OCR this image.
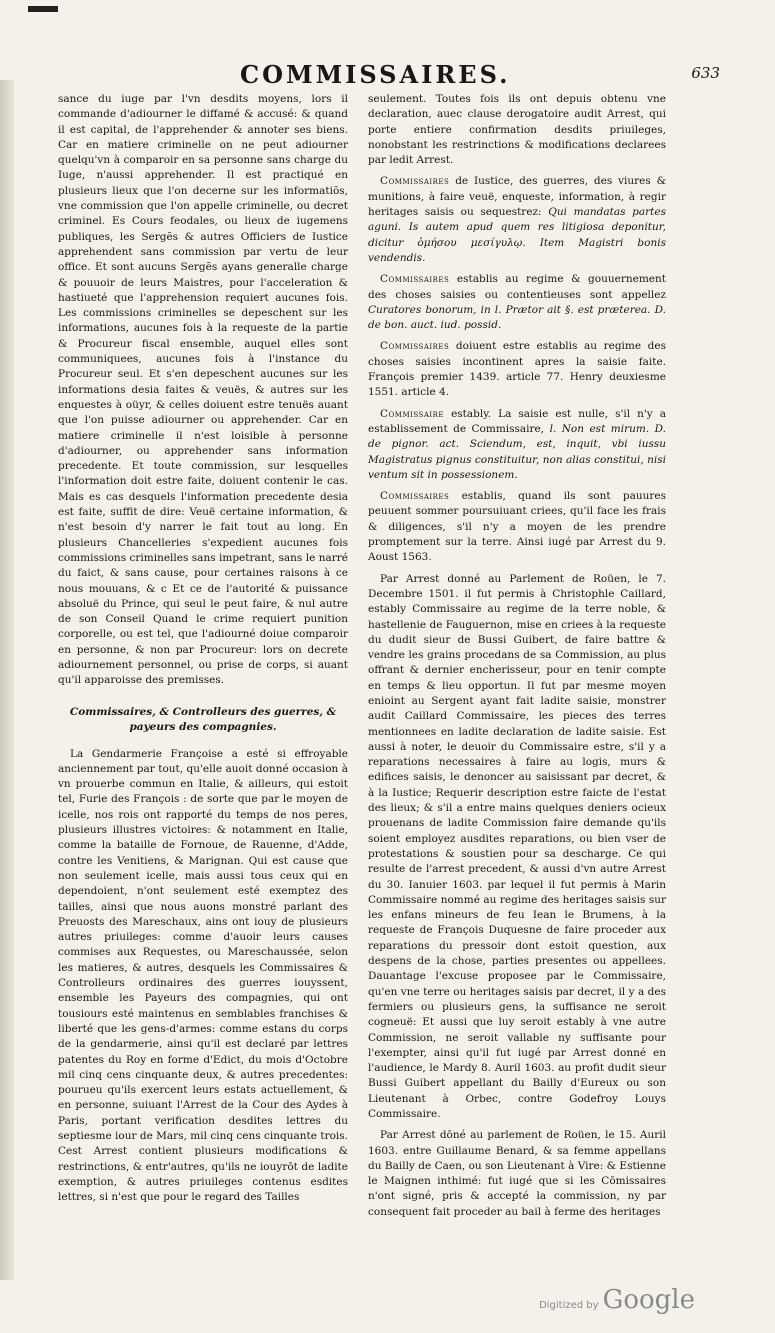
COMMISSAIRES.	633

sance du iuge par l'vn desdits moyens, lors il commande d'adiourner le diffamé & accusé: & quand il est capital, de l'apprehender & annoter ses biens. Car en matiere criminelle on ne peut adiourner quelqu'vn à comparoir en sa personne sans charge du Iuge, n'aussi apprehender. Il est practiqué en plusieurs lieux que l'on decerne sur les informatiõs, vne commission que l'on appelle criminelle, ou decret criminel. Es Cours feodales, ou lieux de iugemens publiques, les Sergẽs & autres Officiers de Iustice apprehendent sans commission par vertu de leur office. Et sont aucuns Sergẽs ayans generalle charge & pouuoir de leurs Maistres, pour l'acceleration & hastiueté que l'apprehension requiert aucunes fois. Les commissions criminelles se depeschent sur les informations, aucunes fois à la requeste de la partie & Procureur fiscal ensemble, auquel elles sont communiquees, aucunes fois à l'instance du Procureur seul. Et s'en depeschent aucunes sur les informations desia faites & veuës, & autres sur les enquestes à oüyr, & celles doiuent estre tenuës auant que l'on puisse adiourner ou apprehender. Car en matiere criminelle il n'est loisible à personne d'adiourner, ou apprehender sans information precedente. Et toute commission, sur lesquelles l'information doit estre faite, doiuent contenir le cas. Mais es cas desquels l'information precedente desia est faite, suffit de dire: Veuë certaine information, & n'est besoin d'y narrer le fait tout au long. En plusieurs Chancelleries s'expedient aucunes fois commissions criminelles sans impetrant, sans le narré du faict, & sans cause, pour certaines raisons à ce nous mouuans, & c Et ce de l'autorité & puissance absoluë du Prince, qui seul le peut faire, & nul autre de son Conseil Quand le crime requiert punition corporelle, ou est tel, que l'adiourné doiue comparoir en personne, & non par Procureur: lors on decrete adiournement personnel, ou prise de corps, si auant qu'il apparoisse des premisses.

Commissaires, & Controlleurs des guerres, & payeurs des compagnies.

La Gendarmerie Françoise a esté si effroyable anciennement par tout, qu'elle auoit donné occasion à vn prouerbe commun en Italie, & ailleurs, qui estoit tel, Furie des François : de sorte que par le moyen de icelle, nos rois ont rapporté du temps de nos peres, plusieurs illustres victoires: & notamment en Italie, comme la bataille de Fornoue, de Rauenne, d'Adde, contre les Venitiens, & Marignan. Qui est cause que non seulement icelle, mais aussi tous ceux qui en dependoient, n'ont seulement esté exemptez des tailles, ainsi que nous auons monstré parlant des Preuosts des Mareschaux, ains ont iouy de plusieurs autres priuileges: comme d'auoir leurs causes commises aux Requestes, ou Mareschaussée, selon les matieres, & autres, desquels les Commissaires & Controlleurs ordinaires des guerres iouyssent, ensemble les Payeurs des compagnies, qui ont tousiours esté maintenus en semblables franchises & liberté que les gens-d'armes: comme estans du corps de la gendarmerie, ainsi qu'il est declaré par lettres patentes du Roy en forme d'Edict, du mois d'Octobre mil cinq cens cinquante deux, & autres precedentes: pourueu qu'ils exercent leurs estats actuellement, & en personne, suiuant l'Arrest de la Cour des Aydes à Paris, portant verification desdites lettres du septiesme iour de Mars, mil cinq cens cinquante trois. Cest Arrest contient plusieurs modifications & restrinctions, & entr'autres, qu'ils ne iouyrōt de ladite exemption, & autres priuileges contenus esdites lettres, si n'est que pour le regard des Tailles

seulement. Toutes fois ils ont depuis obtenu vne declaration, auec clause derogatoire audit Arrest, qui porte entiere confirmation desdits priuileges, nonobstant les restrinctions & modifications declarees par ledit Arrest.

Commissaires de Iustice, des guerres, des viures & munitions, à faire veuë, enqueste, information, à regir heritages saisis ou sequestrez: Qui mandatas partes aguni. Is autem apud quem res litigiosa deponitur, dicitur ὁμήσου μεσίγυλῳ. Item Magistri bonis vendendis.

Commissaires establis au regime & gouuernement des choses saisies ou contentieuses sont appellez Curatores bonorum, in l. Prætor ait §. est præterea. D. de bon. auct. iud. possid.

Commissaires doiuent estre establis au regime des choses saisies incontinent apres la saisie faite. François premier 1439. article 77. Henry deuxiesme 1551. article 4.

Commissaire estably. La saisie est nulle, s'il n'y a establissement de Commissaire, l. Non est mirum. D. de pignor. act. Sciendum, est, inquit, vbi iussu Magistratus pignus constituitur, non alias constitui, nisi ventum sit in possessionem.

Commissaires establis, quand ils sont pauures peuuent sommer poursuiuant criees, qu'il face les frais & diligences, s'il n'y a moyen de les prendre promptement sur la terre. Ainsi iugé par Arrest du 9. Aoust 1563.

Par Arrest donné au Parlement de Roüen, le 7. Decembre 1501. il fut permis à Christophle Caillard, estably Commissaire au regime de la terre noble, & hastellenie de Fauguernon, mise en criees à la requeste du dudit sieur de Bussi Guibert, de faire battre & vendre les grains procedans de sa Commission, au plus offrant & dernier encherisseur, pour en tenir compte en temps & lieu opportun. Il fut par mesme moyen enioint au Sergent ayant fait ladite saisie, monstrer audit Caillard Commissaire, les pieces des terres mentionnees en ladite declaration de ladite saisie. Est aussi à noter, le deuoir du Commissaire estre, s'il y a reparations necessaires à faire au logis, murs & edifices saisis, le denoncer au saisissant par decret, & à la Iustice; Requerir description estre faicte de l'estat des lieux; & s'il a entre mains quelques deniers ocieux prouenans de ladite Commission faire demande qu'ils soient employez ausdites reparations, ou bien vser de protestations & soustien pour sa descharge. Ce qui resulte de l'arrest precedent, & aussi d'vn autre Arrest du 30. Ianuier 1603. par lequel il fut permis à Marin Commissaire nommé au regime des heritages saisis sur les enfans mineurs de feu Iean le Brumens, à la requeste de François Duquesne de faire proceder aux reparations du pressoir dont estoit question, aux despens de la chose, parties presentes ou appellees. Dauantage l'excuse proposee par le Commissaire, qu'en vne terre ou heritages saisis par decret, il y a des fermiers ou plusieurs gens, la suffisance ne seroit cogneuë: Et aussi que luy seroit estably à vne autre Commission, ne seroit vallable ny suffisante pour l'exempter, ainsi qu'il fut iugé par Arrest donné en l'audience, le Mardy 8. Auril 1603. au profit dudit sieur Bussi Guibert appellant du Bailly d'Eureux ou son Lieutenant à Orbec, contre Godefroy Louys Commissaire.

Par Arrest dōné au parlement de Roüen, le 15. Auril 1603. entre Guillaume Benard, & sa femme appellans du Bailly de Caen, ou son Lieutenant à Vire: & Estienne le Maignen inthimé: fut iugé que si les Cōmissaires n'ont signé, pris & accepté la commission, ny par consequent fait proceder au bail à ferme des heritages

Digitized by Google
